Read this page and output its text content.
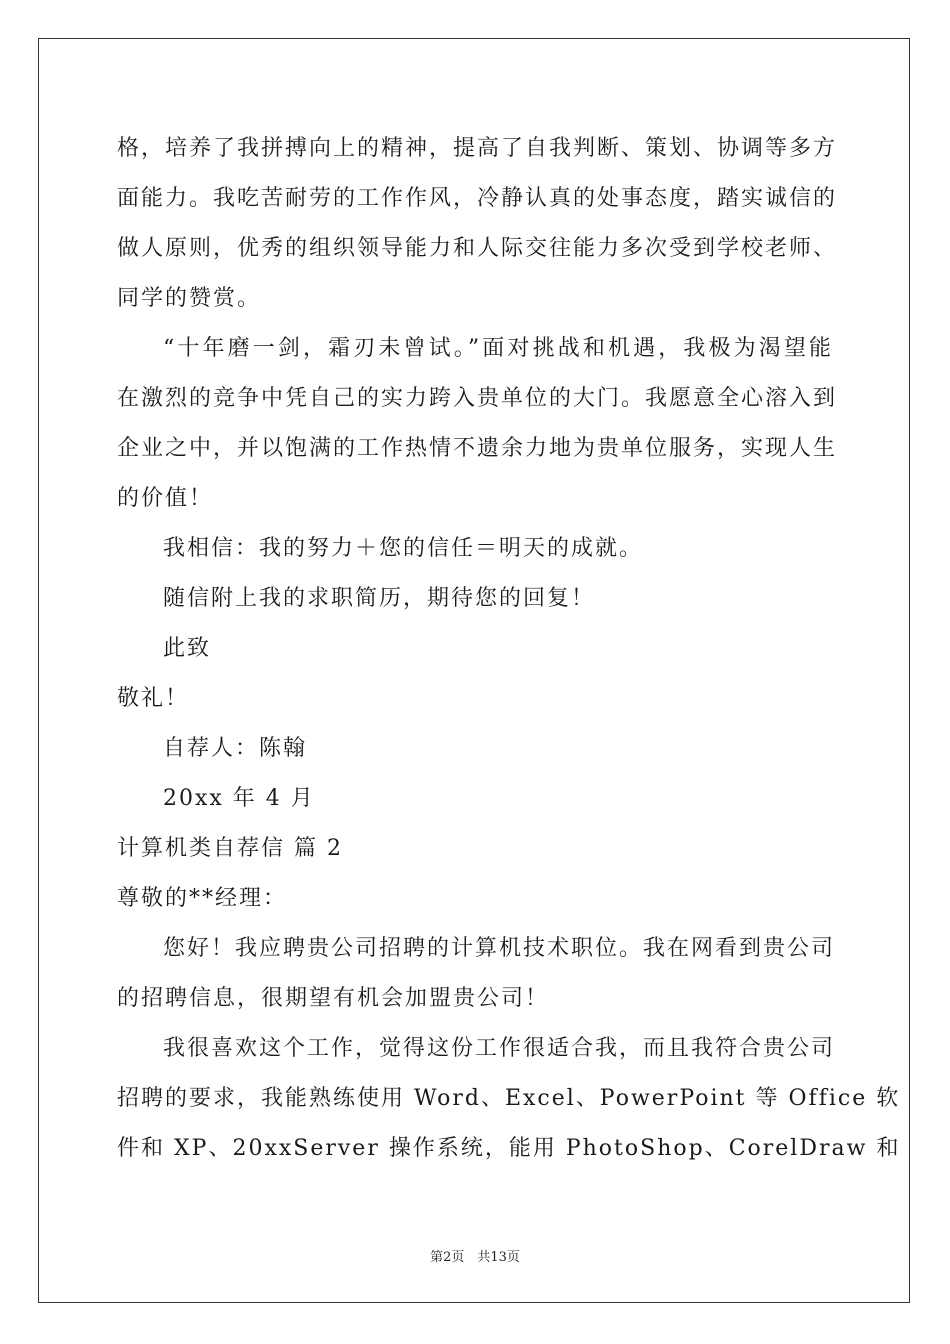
格，培养了我拼搏向上的精神，提高了自我判断、策划、协调等多方
面能力。我吃苦耐劳的工作作风，冷静认真的处事态度，踏实诚信的
做人原则，优秀的组织领导能力和人际交往能力多次受到学校老师、
同学的赞赏。
“十年磨一剑，霜刃未曾试。”面对挑战和机遇，我极为渴望能
在激烈的竞争中凭自己的实力跨入贵单位的大门。我愿意全心溶入到
企业之中，并以饱满的工作热情不遗余力地为贵单位服务，实现人生
的价值！
我相信：我的努力＋您的信任＝明天的成就。
随信附上我的求职简历，期待您的回复！
此致
敬礼！
自荐人：陈翰
20xx 年 4 月
计算机类自荐信 篇 2
尊敬的**经理：
您好！我应聘贵公司招聘的计算机技术职位。我在网看到贵公司
的招聘信息，很期望有机会加盟贵公司！
我很喜欢这个工作，觉得这份工作很适合我，而且我符合贵公司
招聘的要求，我能熟练使用 Word、Excel、PowerPoint 等 Office 软
件和 XP、20xxServer 操作系统，能用 PhotoShop、CorelDraw 和
第2页　共13页
